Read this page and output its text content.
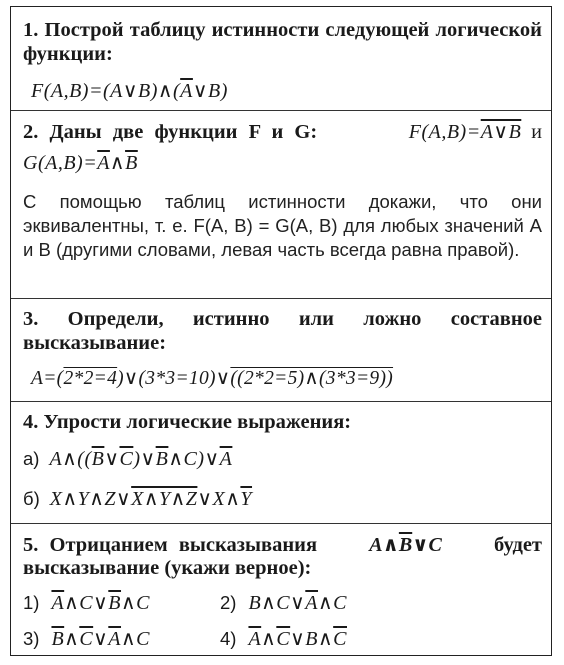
1. Построй таблицу истинности следующей логической функции:
$F(A,B)=(A\vee B)\wedge(\overline{A}\vee B)$
2. Даны две функции F и G:	F(A,B)=A∨B и
$G(A,B)=\overline{A}\wedge\overline{B}$
С помощью таблиц истинности докажи, что они эквивалентны, т. е. F(A, B) = G(A, B) для любых значений А и В (другими словами, левая часть всегда равна правой).
3. Определи, истинно или ложно составное высказывание:
A=(2*2=4)∨(3*3=10)∨((2*2=5)∧(3*3=9))
4. Упрости логические выражения:
а) $A\wedge((\overline{B}\vee\overline{C})\vee\overline{B}\wedge C)\vee\overline{A}$
б) $X\wedge Y\wedge Z\vee X\wedge Y\wedge Z\vee X\wedge\overline{Y}$
5. Отрицанием высказывания	$A\wedge\overline{B}\vee C$	будет
высказывание (укажи верное):
1) $\overline{A}\wedge C\vee\overline{B}\wedge C$	2) $B\wedge C\vee\overline{A}\wedge C$
3) $\overline{B}\wedge\overline{C}\vee\overline{A}\wedge C$	4) $\overline{A}\wedge\overline{C}\vee B\wedge\overline{C}$
